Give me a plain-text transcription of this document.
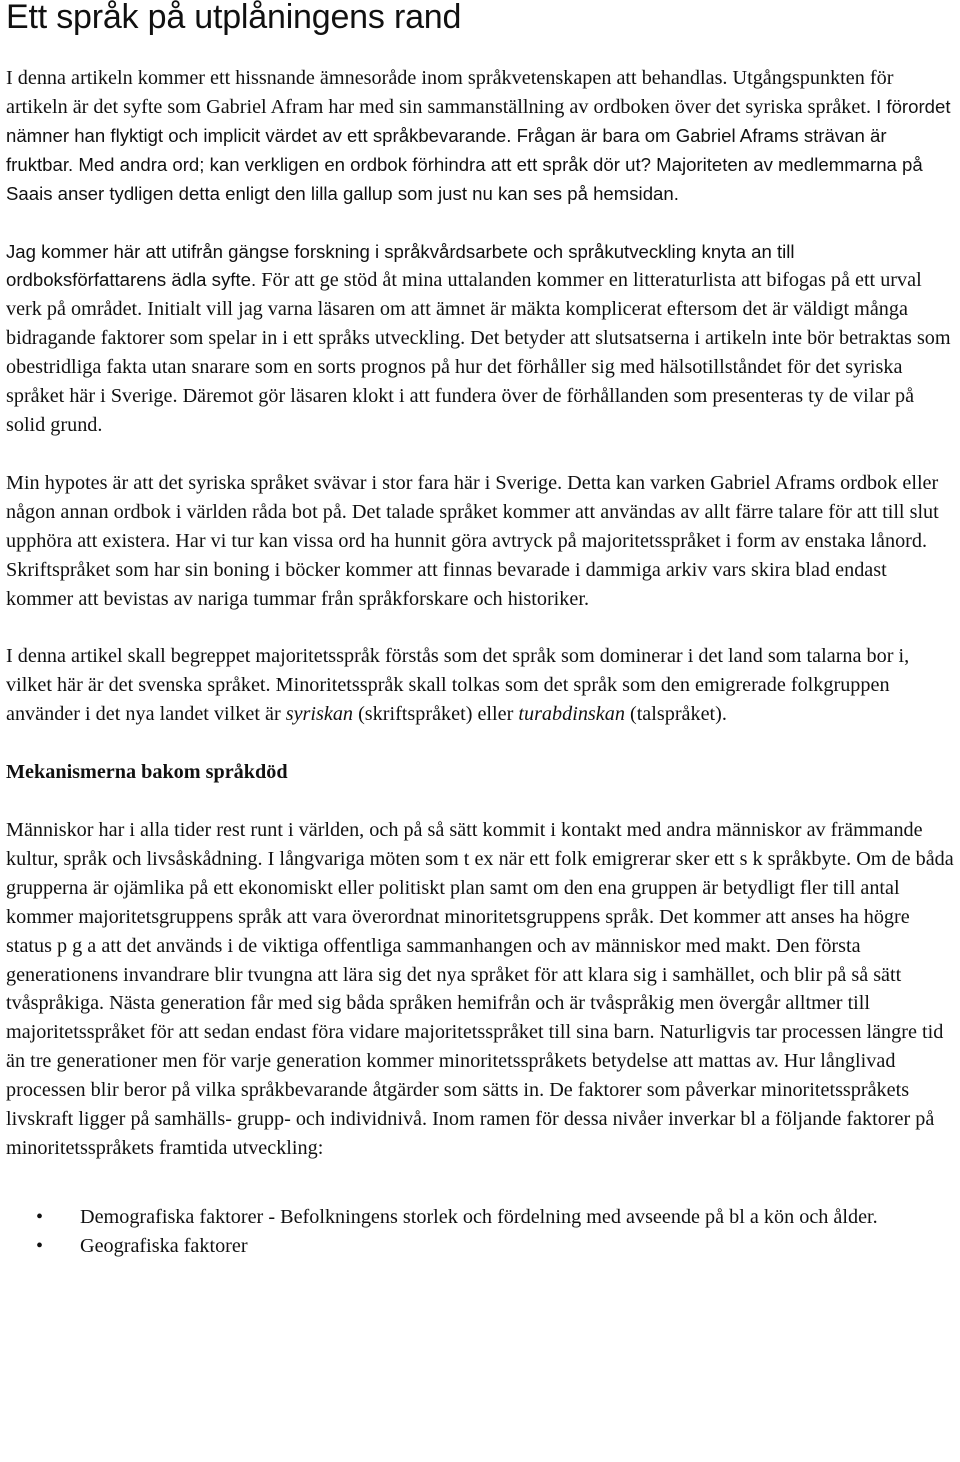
Ett språk på utplåningens rand

I denna artikeln kommer ett hissnande ämnesoråde inom språkvetenskapen att behandlas. Utgångspunkten för artikeln är det syfte som Gabriel Afram har med sin sammanställning av ordboken över det syriska språket. I förordet nämner han flyktigt och implicit värdet av ett språkbevarande. Frågan är bara om Gabriel Aframs strävan är fruktbar. Med andra ord; kan verkligen en ordbok förhindra att ett språk dör ut? Majoriteten av medlemmarna på Saais anser tydligen detta enligt den lilla gallup som just nu kan ses på hemsidan.

Jag kommer här att utifrån gängse forskning i språkvårdsarbete och språkutveckling knyta an till ordboksförfattarens ädla syfte. För att ge stöd åt mina uttalanden kommer en litteraturlista att bifogas på ett urval verk på området. Initialt vill jag varna läsaren om att ämnet är mäkta komplicerat eftersom det är väldigt många bidragande faktorer som spelar in i ett språks utveckling. Det betyder att slutsatserna i artikeln inte bör betraktas som obestridliga fakta utan snarare som en sorts prognos på hur det förhåller sig med hälsotillståndet för det syriska språket här i Sverige. Däremot gör läsaren klokt i att fundera över de förhållanden som presenteras ty de vilar på solid grund.

Min hypotes är att det syriska språket svävar i stor fara här i Sverige. Detta kan varken Gabriel Aframs ordbok eller någon annan ordbok i världen råda bot på. Det talade språket kommer att användas av allt färre talare för att till slut upphöra att existera. Har vi tur kan vissa ord ha hunnit göra avtryck på majoritetsspråket i form av enstaka lånord. Skriftspråket som har sin boning i böcker kommer att finnas bevarade i dammiga arkiv vars skira blad endast kommer att bevistas av nariga tummar från språkforskare och historiker.

I denna artikel skall begreppet majoritetsspråk förstås som det språk som dominerar i det land som talarna bor i, vilket här är det svenska språket. Minoritetsspråk skall tolkas som det språk som den emigrerade folkgruppen använder i det nya landet vilket är syriskan (skriftspråket) eller turabdinskan (talspråket).

Mekanismerna bakom språkdöd

Människor har i alla tider rest runt i världen, och på så sätt kommit i kontakt med andra människor av främmande kultur, språk och livsåskådning. I långvariga möten som t ex när ett folk emigrerar sker ett s k språkbyte. Om de båda grupperna är ojämlika på ett ekonomiskt eller politiskt plan samt om den ena gruppen är betydligt fler till antal kommer majoritetsgruppens språk att vara överordnat minoritetsgruppens språk. Det kommer att anses ha högre status p g a att det används i de viktiga offentliga sammanhangen och av människor med makt. Den första generationens invandrare blir tvungna att lära sig det nya språket för att klara sig i samhället, och blir på så sätt tvåspråkiga. Nästa generation får med sig båda språken hemifrån och är tvåspråkig men övergår alltmer till majoritetsspråket för att sedan endast föra vidare majoritetsspråket till sina barn. Naturligvis tar processen längre tid än tre generationer men för varje generation kommer minoritetsspråkets betydelse att mattas av. Hur långlivad processen blir beror på vilka språkbevarande åtgärder som sätts in. De faktorer som påverkar minoritetsspråkets livskraft ligger på samhälls- grupp- och individnivå. Inom ramen för dessa nivåer inverkar bl a följande faktorer på minoritetsspråkets framtida utveckling:

• Demografiska faktorer - Befolkningens storlek och fördelning med avseende på bl a kön och ålder.
• Geografiska faktorer
